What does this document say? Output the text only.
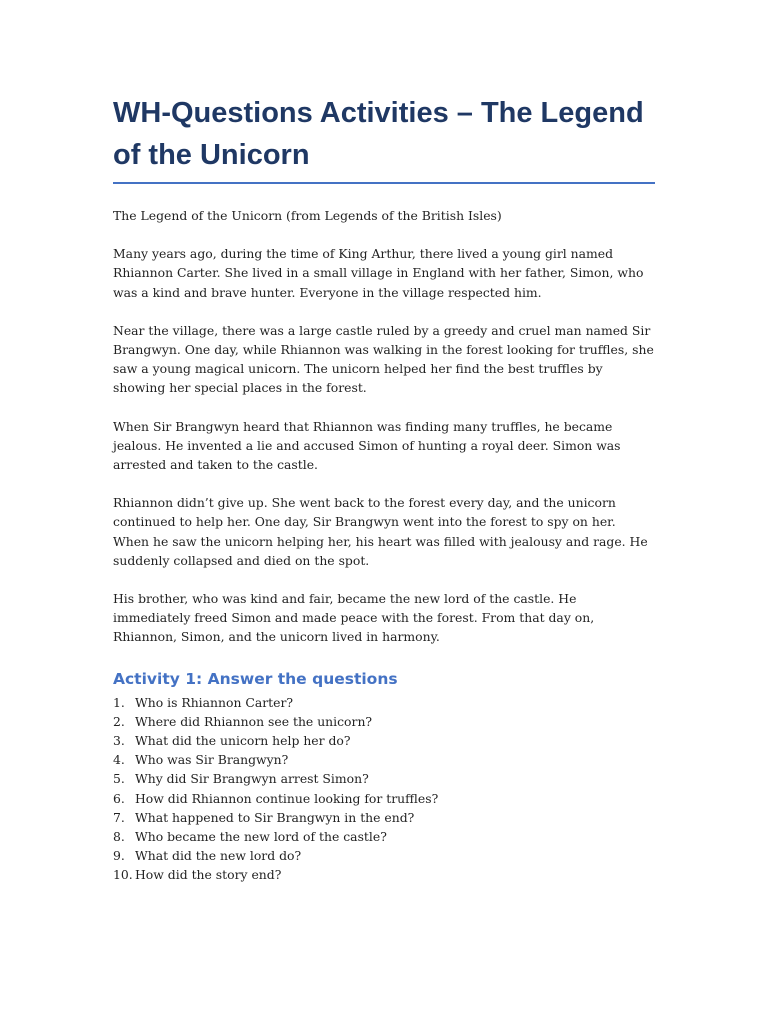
WH-Questions Activities – The Legend of the Unicorn

The Legend of the Unicorn (from Legends of the British Isles)

Many years ago, during the time of King Arthur, there lived a young girl named Rhiannon Carter. She lived in a small village in England with her father, Simon, who was a kind and brave hunter. Everyone in the village respected him.

Near the village, there was a large castle ruled by a greedy and cruel man named Sir Brangwyn. One day, while Rhiannon was walking in the forest looking for truffles, she saw a young magical unicorn. The unicorn helped her find the best truffles by showing her special places in the forest.

When Sir Brangwyn heard that Rhiannon was finding many truffles, he became jealous. He invented a lie and accused Simon of hunting a royal deer. Simon was arrested and taken to the castle.

Rhiannon didn’t give up. She went back to the forest every day, and the unicorn continued to help her. One day, Sir Brangwyn went into the forest to spy on her. When he saw the unicorn helping her, his heart was filled with jealousy and rage. He suddenly collapsed and died on the spot.

His brother, who was kind and fair, became the new lord of the castle. He immediately freed Simon and made peace with the forest. From that day on, Rhiannon, Simon, and the unicorn lived in harmony.

Activity 1: Answer the questions
1. Who is Rhiannon Carter?
2. Where did Rhiannon see the unicorn?
3. What did the unicorn help her do?
4. Who was Sir Brangwyn?
5. Why did Sir Brangwyn arrest Simon?
6. How did Rhiannon continue looking for truffles?
7. What happened to Sir Brangwyn in the end?
8. Who became the new lord of the castle?
9. What did the new lord do?
10. How did the story end?
